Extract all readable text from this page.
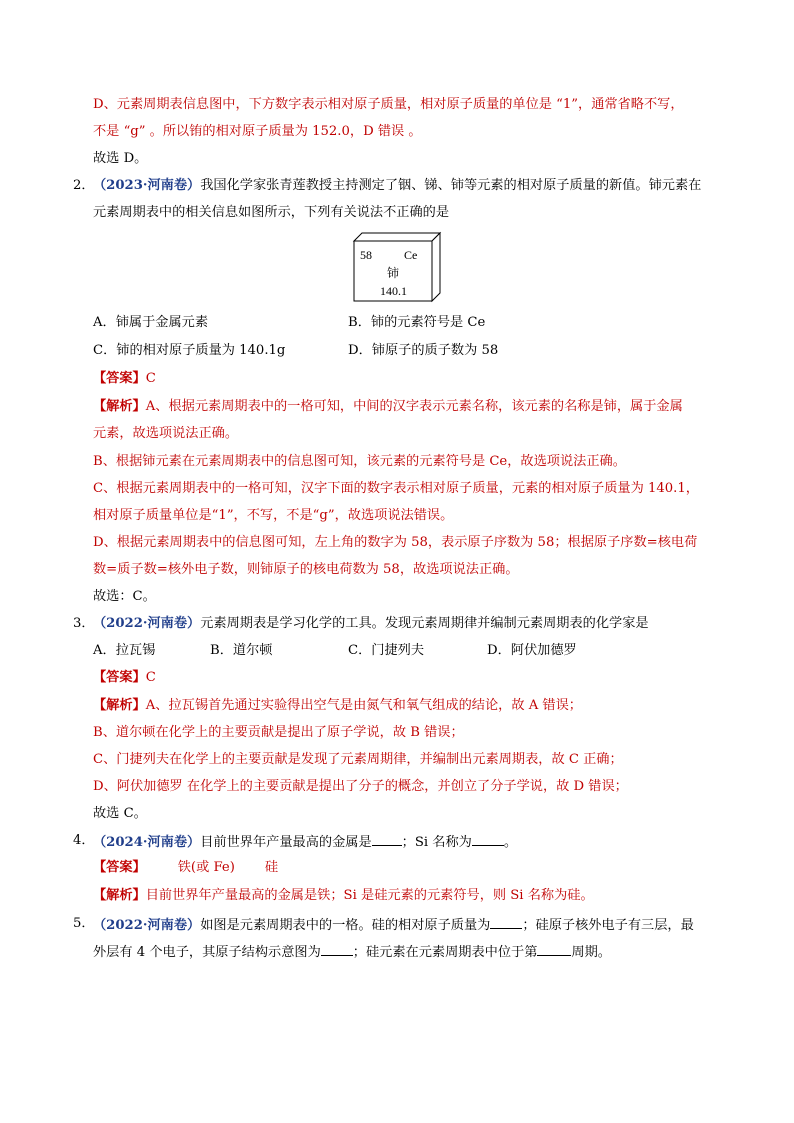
D、元素周期表信息图中，下方数字表示相对原子质量，相对原子质量的单位是 “1”，通常省略不写，
不是 “g” 。所以铕的相对原子质量为 152.0，D 错误 。
故选 D。
2．
（2023·河南卷）我国化学家张青莲教授主持测定了铟、锑、铈等元素的相对原子质量的新值。铈元素在
元素周期表中的相关信息如图所示，下列有关说法不正确的是
58	Ce
铈
140.1
A．铈属于金属元素	B．铈的元素符号是 Ce
C．铈的相对原子质量为 140.1g	D．铈原子的质子数为 58
【答案】C
【解析】A、根据元素周期表中的一格可知，中间的汉字表示元素名称，该元素的名称是铈，属于金属
元素，故选项说法正确。
B、根据铈元素在元素周期表中的信息图可知，该元素的元素符号是 Ce，故选项说法正确。
C、根据元素周期表中的一格可知，汉字下面的数字表示相对原子质量，元素的相对原子质量为 140.1，
相对原子质量单位是“1”，不写，不是“g”，故选项说法错误。
D、根据元素周期表中的信息图可知，左上角的数字为 58，表示原子序数为 58；根据原子序数=核电荷
数=质子数=核外电子数，则铈原子的核电荷数为 58，故选项说法正确。
故选：C。
3．
（2022·河南卷）元素周期表是学习化学的工具。发现元素周期律并编制元素周期表的化学家是
A．拉瓦锡	B．道尔顿	C．门捷列夫	D．阿伏加德罗
【答案】C
【解析】A、拉瓦锡首先通过实验得出空气是由氮气和氧气组成的结论，故 A 错误；
B、道尔顿在化学上的主要贡献是提出了原子学说，故 B 错误；
C、门捷列夫在化学上的主要贡献是发现了元素周期律，并编制出元素周期表，故 C 正确；
D、阿伏加德罗 在化学上的主要贡献是提出了分子的概念，并创立了分子学说，故 D 错误；
故选 C。
4．
（2024·河南卷）目前世界年产量最高的金属是 ；Si 名称为 。
【答案】 铁(或 Fe) 硅
【解析】目前世界年产量最高的金属是铁；Si 是硅元素的元素符号，则 Si 名称为硅。
5．
（2022·河南卷）如图是元素周期表中的一格。硅的相对原子质量为 ；硅原子核外电子有三层，最
外层有 4 个电子，其原子结构示意图为 ；硅元素在元素周期表中位于第	周期。
